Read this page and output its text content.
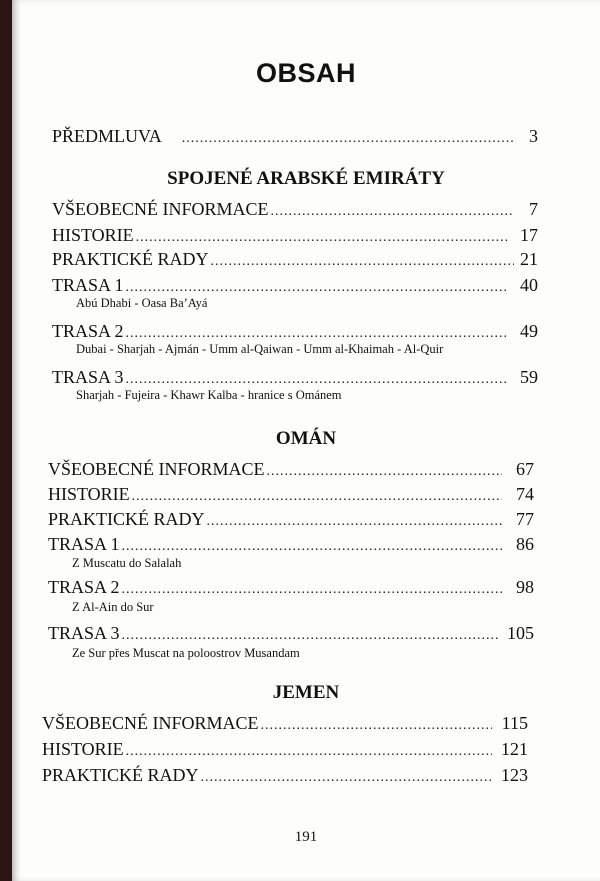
OBSAH
PŘEDMLUVA .....	3
SPOJENÉ ARABSKÉ EMIRÁTY
VŠEOBECNÉ INFORMACE .....	7
HISTORIE .....	17
PRAKTICKÉ RADY .....	21
TRASA 1 .....	40
Abú Dhabi - Oasa Ba’Ayá
TRASA 2 .....	49
Dubai - Sharjah - Ajmán - Umm al-Qaiwan - Umm al-Khaimah - Al-Quir
TRASA 3 .....	59
Sharjah - Fujeira - Khawr Kalba - hranice s Ománem
OMÁN
VŠEOBECNÉ INFORMACE .....	67
HISTORIE .....	74
PRAKTICKÉ RADY .....	77
TRASA 1 .....	86
Z Muscatu do Salalah
TRASA 2 .....	98
Z Al-Ain do Sur
TRASA 3 .....	105
Ze Sur přes Muscat na poloostrov Musandam
JEMEN
VŠEOBECNÉ INFORMACE .....	115
HISTORIE .....	121
PRAKTICKÉ RADY .....	123
191
